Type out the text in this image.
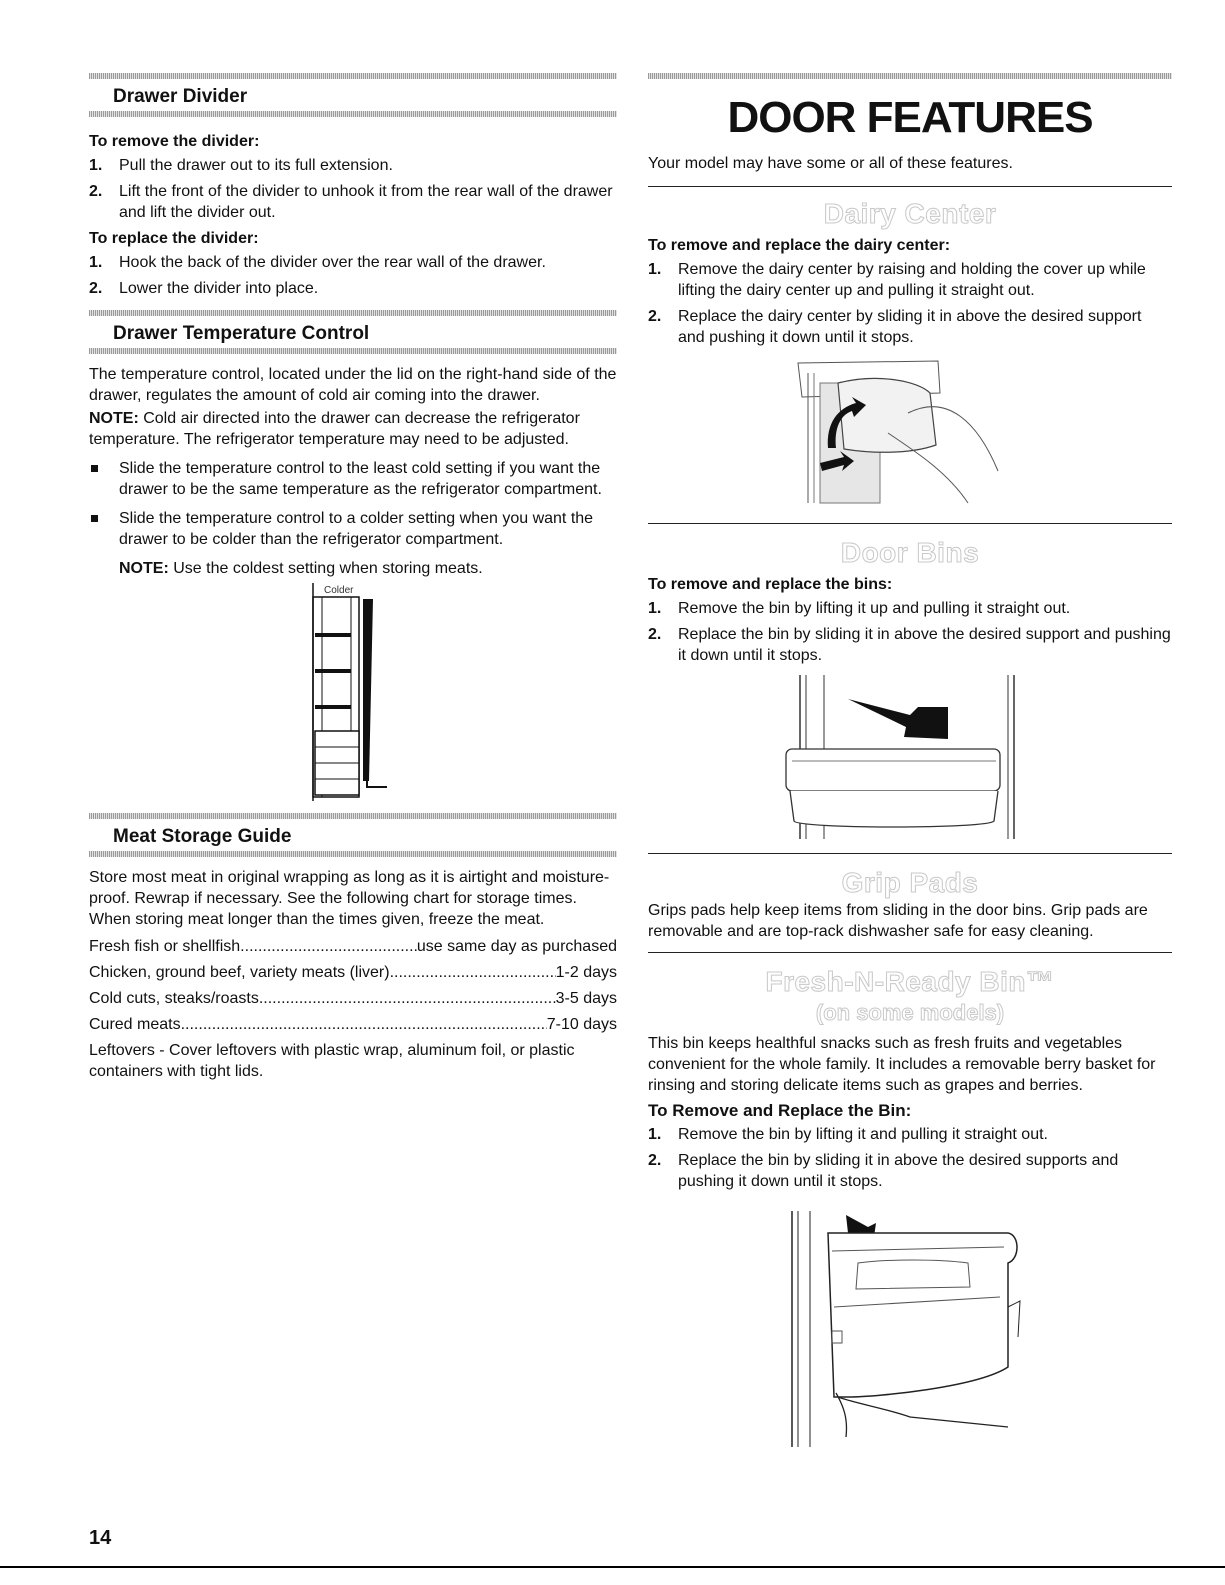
Drawer Divider
To remove the divider:
1. Pull the drawer out to its full extension.
2. Lift the front of the divider to unhook it from the rear wall of the drawer and lift the divider out.
To replace the divider:
1. Hook the back of the divider over the rear wall of the drawer.
2. Lower the divider into place.
Drawer Temperature Control

The temperature control, located under the lid on the right-hand side of the drawer, regulates the amount of cold air coming into the drawer.

NOTE: Cold air directed into the drawer can decrease the refrigerator temperature. The refrigerator temperature may need to be adjusted.

Slide the temperature control to the least cold setting if you want the drawer to be the same temperature as the refrigerator compartment.
Slide the temperature control to a colder setting when you want the drawer to be colder than the refrigerator compartment.

NOTE: Use the coldest setting when storing meats.

Colder
Meat Storage Guide

Store most meat in original wrapping as long as it is airtight and moisture-proof. Rewrap if necessary. See the following chart for storage times. When storing meat longer than the times given, freeze the meat.

Fresh fish or shellfish .....	use same day as purchased
Chicken, ground beef, variety meats (liver) .....	1-2 days
Cold cuts, steaks/roasts .....	3-5 days
Cured meats .....	7-10 days

Leftovers - Cover leftovers with plastic wrap, aluminum foil, or plastic containers with tight lids.

DOOR FEATURES

Your model may have some or all of these features.

Dairy Center
To remove and replace the dairy center:
1. Remove the dairy center by raising and holding the cover up while lifting the dairy center up and pulling it straight out.
2. Replace the dairy center by sliding it in above the desired support and pushing it down until it stops.
Door Bins
To remove and replace the bins:
1. Remove the bin by lifting it up and pulling it straight out.
2. Replace the bin by sliding it in above the desired support and pushing it down until it stops.
Grip Pads

Grips pads help keep items from sliding in the door bins. Grip pads are removable and are top-rack dishwasher safe for easy cleaning.

Fresh-N-Ready Bin™
(on some models)

This bin keeps healthful snacks such as fresh fruits and vegetables convenient for the whole family. It includes a removable berry basket for rinsing and storing delicate items such as grapes and berries.

To Remove and Replace the Bin:
1. Remove the bin by lifting it and pulling it straight out.
2. Replace the bin by sliding it in above the desired supports and pushing it down until it stops.
14
